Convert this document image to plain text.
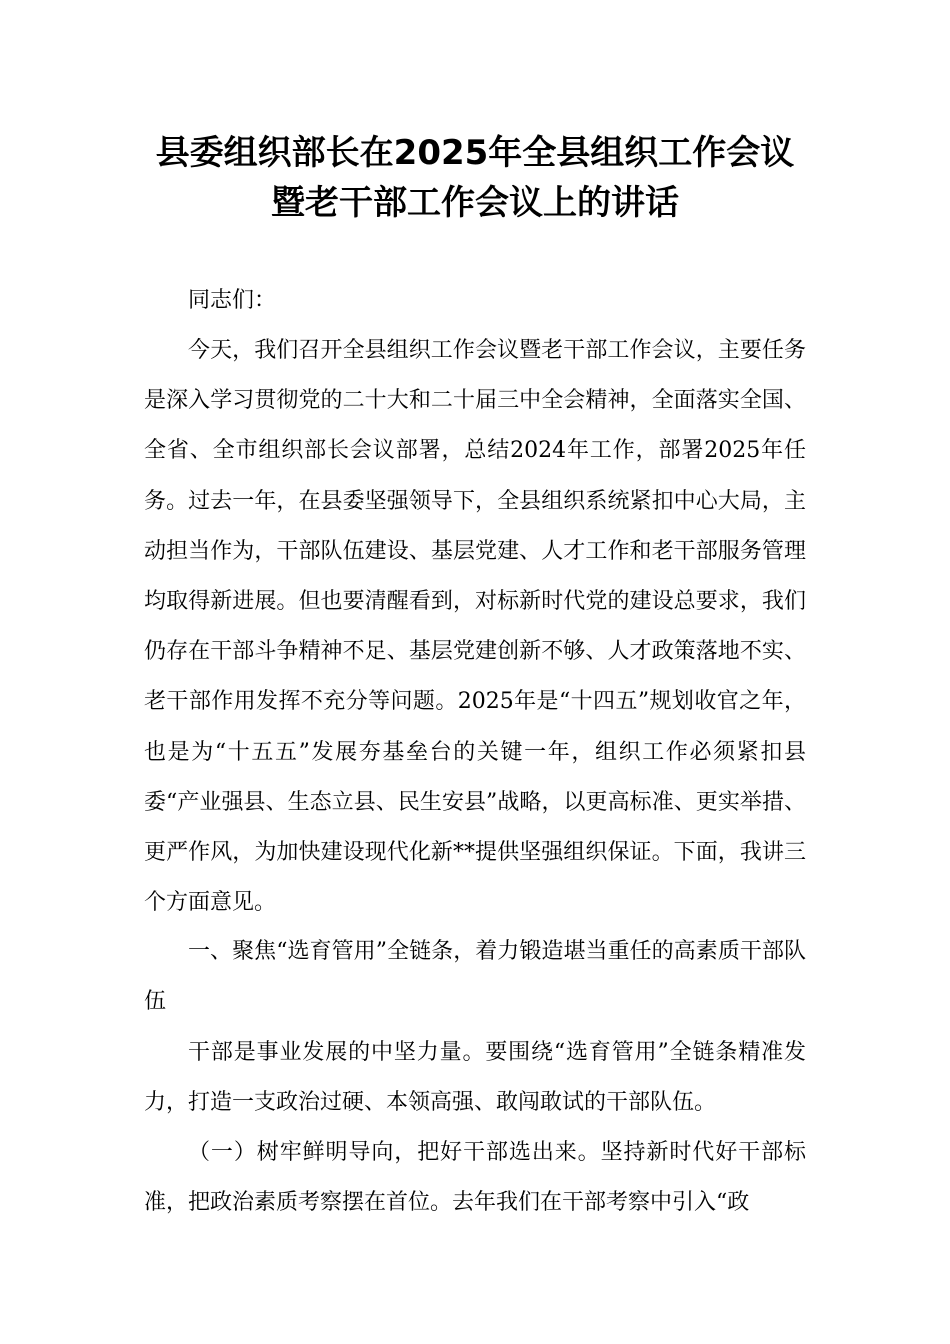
县委组织部长在2025年全县组织工作会议
暨老干部工作会议上的讲话

同志们：

今天，我们召开全县组织工作会议暨老干部工作会议，主要任务是深入学习贯彻党的二十大和二十届三中全会精神，全面落实全国、全省、全市组织部长会议部署，总结2024年工作，部署2025年任务。过去一年，在县委坚强领导下，全县组织系统紧扣中心大局，主动担当作为，干部队伍建设、基层党建、人才工作和老干部服务管理均取得新进展。但也要清醒看到，对标新时代党的建设总要求，我们仍存在干部斗争精神不足、基层党建创新不够、人才政策落地不实、老干部作用发挥不充分等问题。2025年是“十四五”规划收官之年，也是为“十五五”发展夯基垒台的关键一年，组织工作必须紧扣县委“产业强县、生态立县、民生安县”战略，以更高标准、更实举措、更严作风，为加快建设现代化新**提供坚强组织保证。下面，我讲三个方面意见。

一、聚焦“选育管用”全链条，着力锻造堪当重任的高素质干部队伍

干部是事业发展的中坚力量。要围绕“选育管用”全链条精准发力，打造一支政治过硬、本领高强、敢闯敢试的干部队伍。

（一）树牢鲜明导向，把好干部选出来。坚持新时代好干部标准，把政治素质考察摆在首位。去年我们在干部考察中引入“政
